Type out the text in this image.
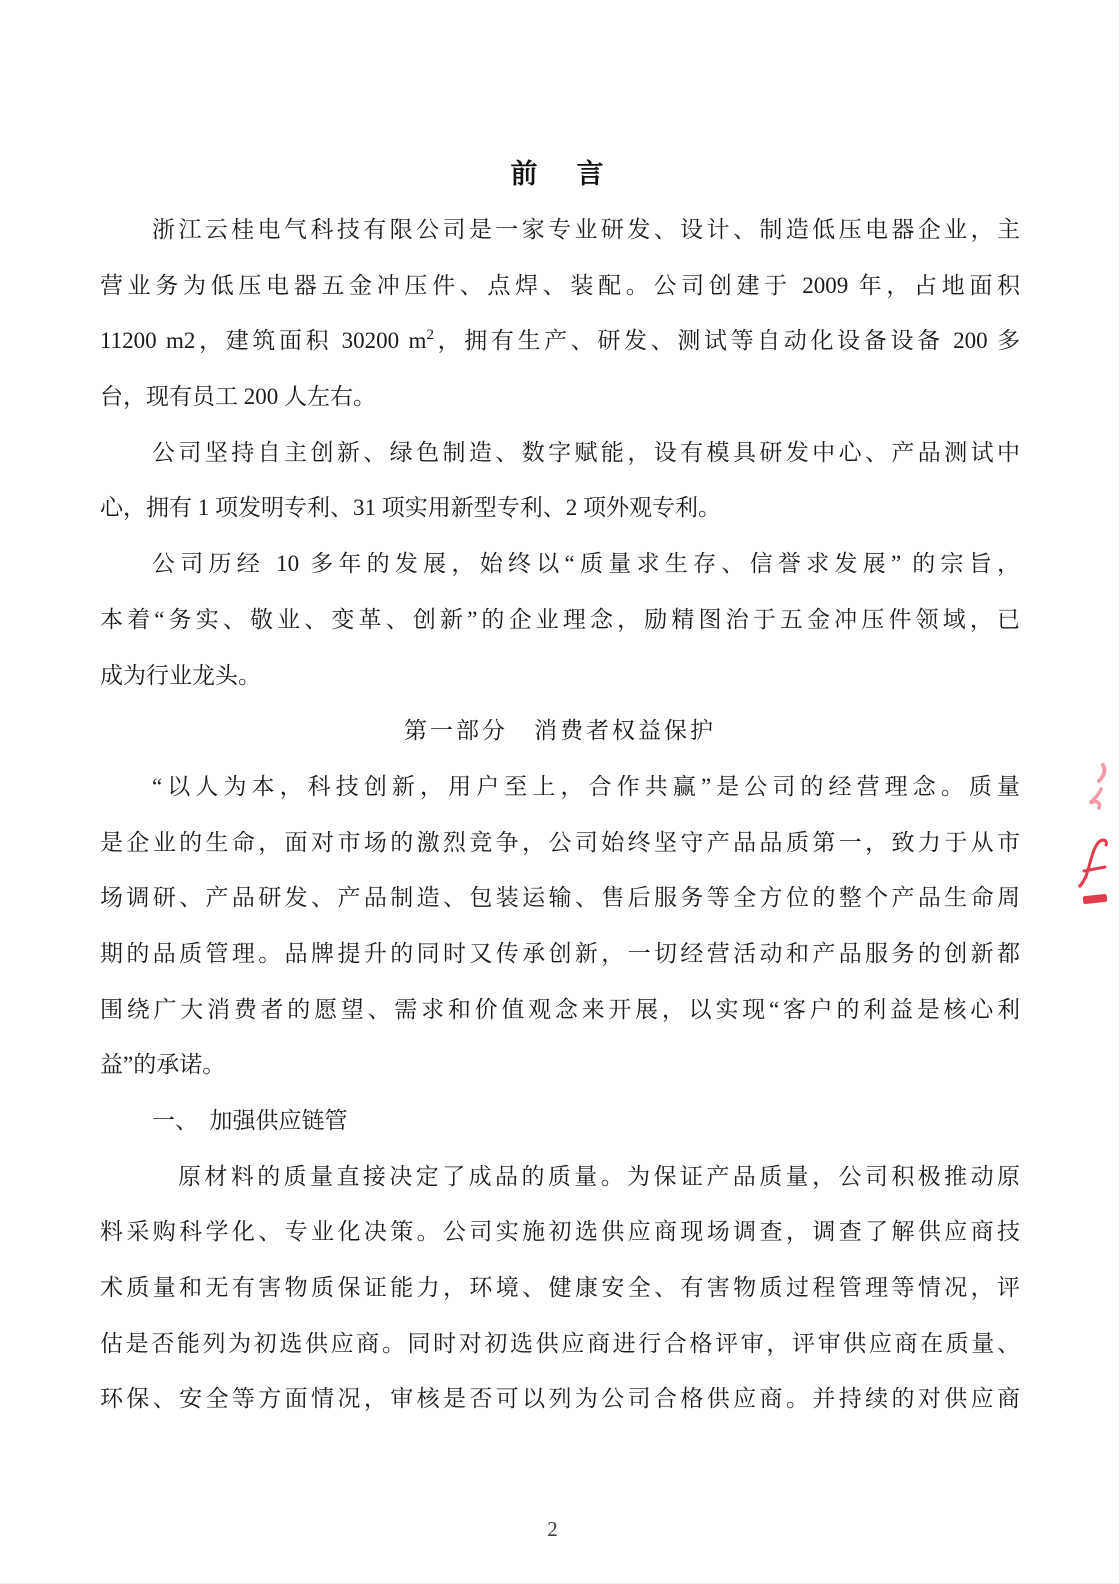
前　言
浙江云桂电气科技有限公司是一家专业研发、设计、制造低压电器企业，主
营业务为低压电器五金冲压件、点焊、装配。公司创建于 2009 年，占地面积
11200 m2，建筑面积 30200 $m^2$，拥有生产、研发、测试等自动化设备设备 200 多
台，现有员工 200 人左右。
公司坚持自主创新、绿色制造、数字赋能，设有模具研发中心、产品测试中
心，拥有 1 项发明专利、31 项实用新型专利、2 项外观专利。
公司历经 10 多年的发展，始终以“质量求生存、信誉求发展” 的宗旨，
本着“务实、敬业、变革、创新”的企业理念，励精图治于五金冲压件领域，已
成为行业龙头。
第一部分　消费者权益保护
“以人为本，科技创新，用户至上，合作共赢”是公司的经营理念。质量
是企业的生命，面对市场的激烈竞争，公司始终坚守产品品质第一，致力于从市
场调研、产品研发、产品制造、包装运输、售后服务等全方位的整个产品生命周
期的品质管理。品牌提升的同时又传承创新，一切经营活动和产品服务的创新都
围绕广大消费者的愿望、需求和价值观念来开展，以实现“客户的利益是核心利
益”的承诺。
一、　加强供应链管
原材料的质量直接决定了成品的质量。为保证产品质量，公司积极推动原
料采购科学化、专业化决策。公司实施初选供应商现场调查，调查了解供应商技
术质量和无有害物质保证能力，环境、健康安全、有害物质过程管理等情况，评
估是否能列为初选供应商。同时对初选供应商进行合格评审，评审供应商在质量、
环保、安全等方面情况，审核是否可以列为公司合格供应商。并持续的对供应商
2
